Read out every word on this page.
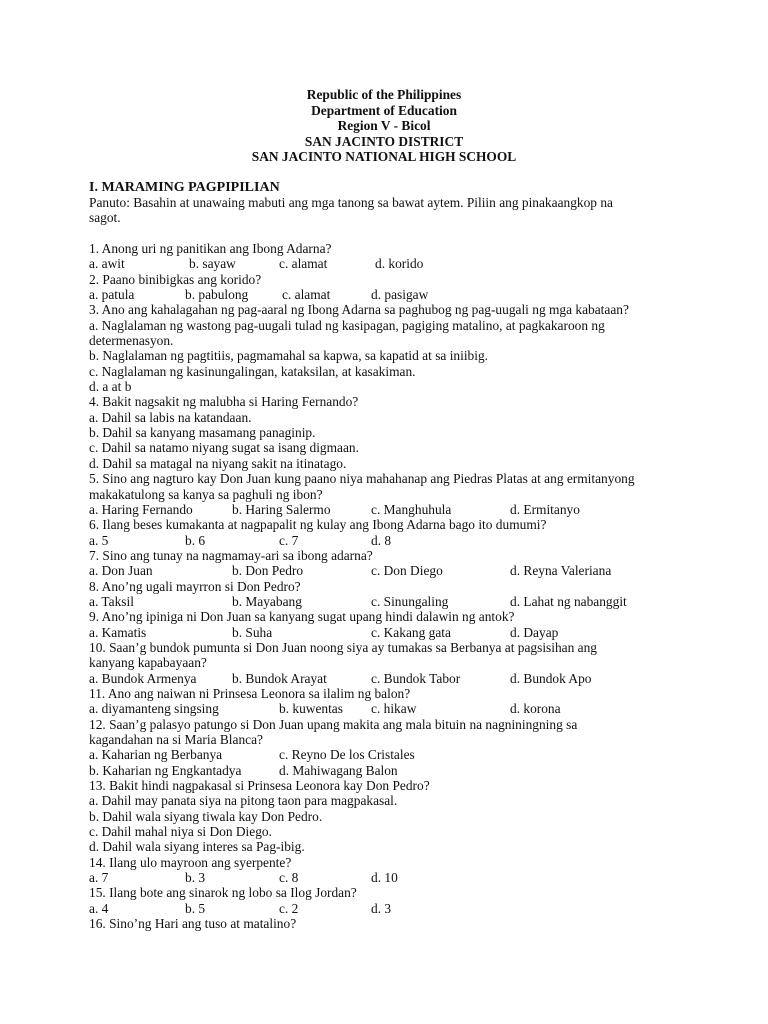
Republic of the Philippines
Department of Education
Region V - Bicol
SAN JACINTO DISTRICT
SAN JACINTO NATIONAL HIGH SCHOOL
I. MARAMING PAGPIPILIAN
Panuto: Basahin at unawaing mabuti ang mga tanong sa bawat aytem. Piliin ang pinakaangkop na
sagot.
1. Anong uri ng panitikan ang Ibong Adarna?
a. awit	b. sayaw	c. alamat	d. korido
2. Paano binibigkas ang korido?
a. patula	b. pabulong	c. alamat	d. pasigaw
3. Ano ang kahalagahan ng pag-aaral ng Ibong Adarna sa paghubog ng pag-uugali ng mga kabataan?
a. Naglalaman ng wastong pag-uugali tulad ng kasipagan, pagiging matalino, at pagkakaroon ng
determenasyon.
b. Naglalaman ng pagtitiis, pagmamahal sa kapwa, sa kapatid at sa iniibig.
c. Naglalaman ng kasinungalingan, kataksilan, at kasakiman.
d. a at b
4. Bakit nagsakit ng malubha si Haring Fernando?
a. Dahil sa labis na katandaan.
b. Dahil sa kanyang masamang panaginip.
c. Dahil sa natamo niyang sugat sa isang digmaan.
d. Dahil sa matagal na niyang sakit na itinatago.
5. Sino ang nagturo kay Don Juan kung paano niya mahahanap ang Piedras Platas at ang ermitanyong
makakatulong sa kanya sa paghuli ng ibon?
a. Haring Fernando	b. Haring Salermo	c. Manghuhula	d. Ermitanyo
6. Ilang beses kumakanta at nagpapalit ng kulay ang Ibong Adarna bago ito dumumi?
a. 5	b. 6	c. 7	d. 8
7. Sino ang tunay na nagmamay-ari sa ibong adarna?
a. Don Juan	b. Don Pedro	c. Don Diego	d. Reyna Valeriana
8. Ano’ng ugali mayrron si Don Pedro?
a. Taksil	b. Mayabang	c. Sinungaling	d. Lahat ng nabanggit
9. Ano’ng ipiniga ni Don Juan sa kanyang sugat upang hindi dalawin ng antok?
a. Kamatis	b. Suha	c. Kakang gata	d. Dayap
10. Saan’g bundok pumunta si Don Juan noong siya ay tumakas sa Berbanya at pagsisihan ang
kanyang kapabayaan?
a. Bundok Armenya	b. Bundok Arayat	c. Bundok Tabor	d. Bundok Apo
11. Ano ang naiwan ni Prinsesa Leonora sa ilalim ng balon?
a. diyamanteng singsing	b. kuwentas c. hikaw	d. korona
12. Saan’g palasyo patungo si Don Juan upang makita ang mala bituin na nagniningning sa
kagandahan na si Maria Blanca?
a. Kaharian ng Berbanya	c. Reyno De los Cristales
b. Kaharian ng Engkantadya	d. Mahiwagang Balon
13. Bakit hindi nagpakasal si Prinsesa Leonora kay Don Pedro?
a. Dahil may panata siya na pitong taon para magpakasal.
b. Dahil wala siyang tiwala kay Don Pedro.
c. Dahil mahal niya si Don Diego.
d. Dahil wala siyang interes sa Pag-ibig.
14. Ilang ulo mayroon ang syerpente?
a. 7	b. 3	c. 8	d. 10
15. Ilang bote ang sinarok ng lobo sa Ilog Jordan?
a. 4	b. 5	c. 2	d. 3
16. Sino’ng Hari ang tuso at matalino?
